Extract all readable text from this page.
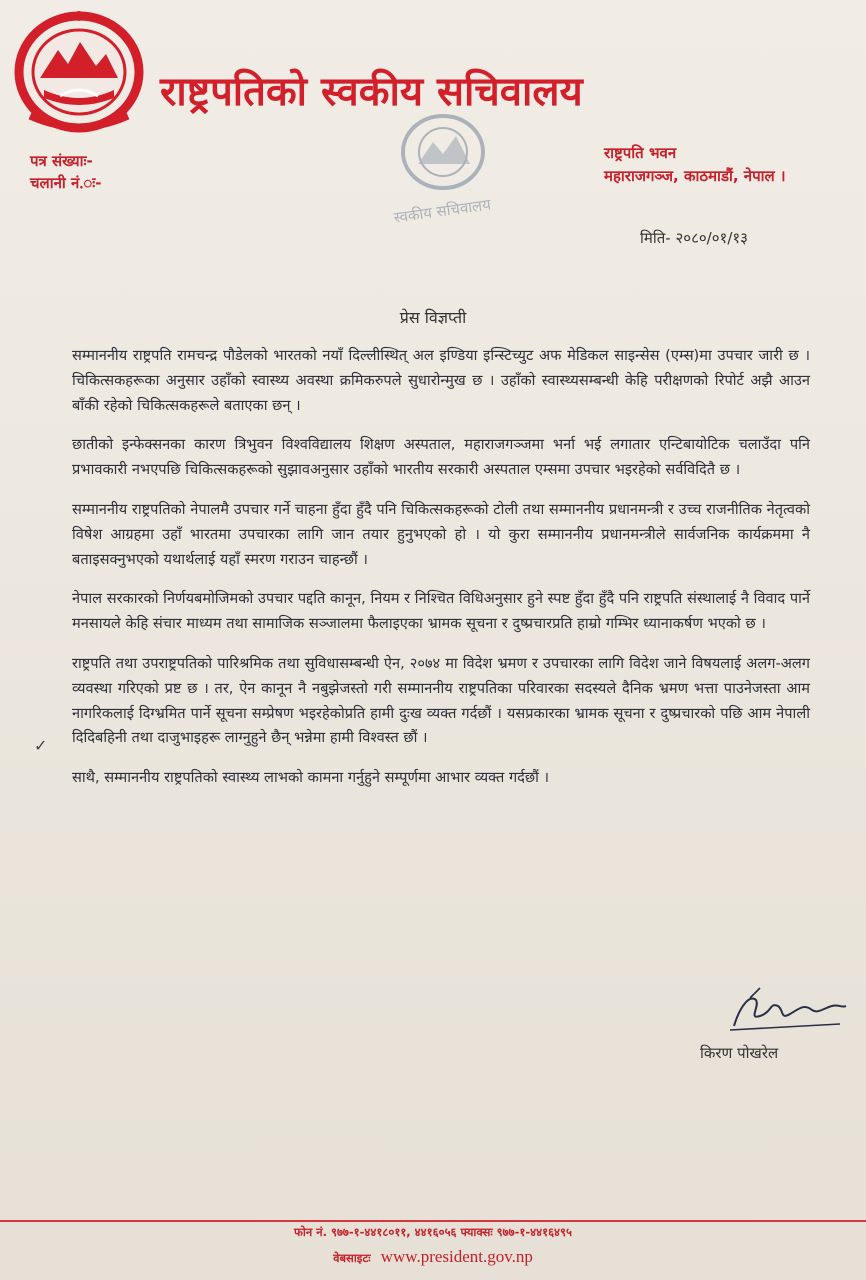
राष्ट्रपतिको स्वकीय सचिवालय
पत्र संख्याः-
चलानी नं.ः-
स्वकीय सचिवालय
राष्ट्रपति भवन
महाराजगञ्ज, काठमाडौं, नेपाल ।
मिति- २०८०/०१/१३
प्रेस विज्ञप्ती
✓

सम्माननीय राष्ट्रपति रामचन्द्र पौडेलको भारतको नयाँ दिल्लीस्थित् अल इण्डिया इन्स्टिच्युट अफ मेडिकल साइन्सेस (एम्स)मा उपचार जारी छ । चिकित्सकहरूका अनुसार उहाँको स्वास्थ्य अवस्था क्रमिकरुपले सुधारोन्मुख छ । उहाँको स्वास्थ्यसम्बन्धी केहि परीक्षणको रिपोर्ट अझै आउन बाँकी रहेको चिकित्सकहरूले बताएका छन् ।

छातीको इन्फेक्सनका कारण त्रिभुवन विश्वविद्यालय शिक्षण अस्पताल, महाराजगञ्जमा भर्ना भई लगातार एन्टिबायोटिक चलाउँदा पनि प्रभावकारी नभएपछि चिकित्सकहरूको सुझावअनुसार उहाँको भारतीय सरकारी अस्पताल एम्समा उपचार भइरहेको सर्वविदितै छ ।

सम्माननीय राष्ट्रपतिको नेपालमै उपचार गर्ने चाहना हुँदा हुँदै पनि चिकित्सकहरूको टोली तथा सम्माननीय प्रधानमन्त्री र उच्च राजनीतिक नेतृत्वको विषेश आग्रहमा उहाँ भारतमा उपचारका लागि जान तयार हुनुभएको हो । यो कुरा सम्माननीय प्रधानमन्त्रीले सार्वजनिक कार्यक्रममा नै बताइसक्नुभएको यथार्थलाई यहाँ स्मरण गराउन चाहन्छौं ।

नेपाल सरकारको निर्णयबमोजिमको उपचार पद्दति कानून, नियम र निश्चित विधिअनुसार हुने स्पष्ट हुँदा हुँदै पनि राष्ट्रपति संस्थालाई नै विवाद पार्ने मनसायले केहि संचार माध्यम तथा सामाजिक सञ्जालमा फैलाइएका भ्रामक सूचना र दुष्प्रचारप्रति हाम्रो गम्भिर ध्यानाकर्षण भएको छ ।

राष्ट्रपति तथा उपराष्ट्रपतिको पारिश्रमिक तथा सुविधासम्बन्धी ऐन, २०७४ मा विदेश भ्रमण र उपचारका लागि विदेश जाने विषयलाई अलग-अलग व्यवस्था गरिएको प्रष्ट छ । तर, ऐन कानून नै नबुझेजस्तो गरी सम्माननीय राष्ट्रपतिका परिवारका सदस्यले दैनिक भ्रमण भत्ता पाउनेजस्ता आम नागरिकलाई दिग्भ्रमित पार्ने सूचना सम्प्रेषण भइरहेकोप्रति हामी दुःख व्यक्त गर्दछौं । यसप्रकारका भ्रामक सूचना र दुष्प्रचारको पछि आम नेपाली दिदिबहिनी तथा दाजुभाइहरू लाग्नुहुने छैन् भन्नेमा हामी विश्वस्त छौं ।

साथै, सम्माननीय राष्ट्रपतिको स्वास्थ्य लाभको कामना गर्नुहुने सम्पूर्णमा आभार व्यक्त गर्दछौं ।

किरण पोखरेल
फोन नं. ९७७-१-४४१८०११, ४४१६०५६ फ्याक्सः ९७७-१-४४१६४९५
वेबसाइटः www.president.gov.np
